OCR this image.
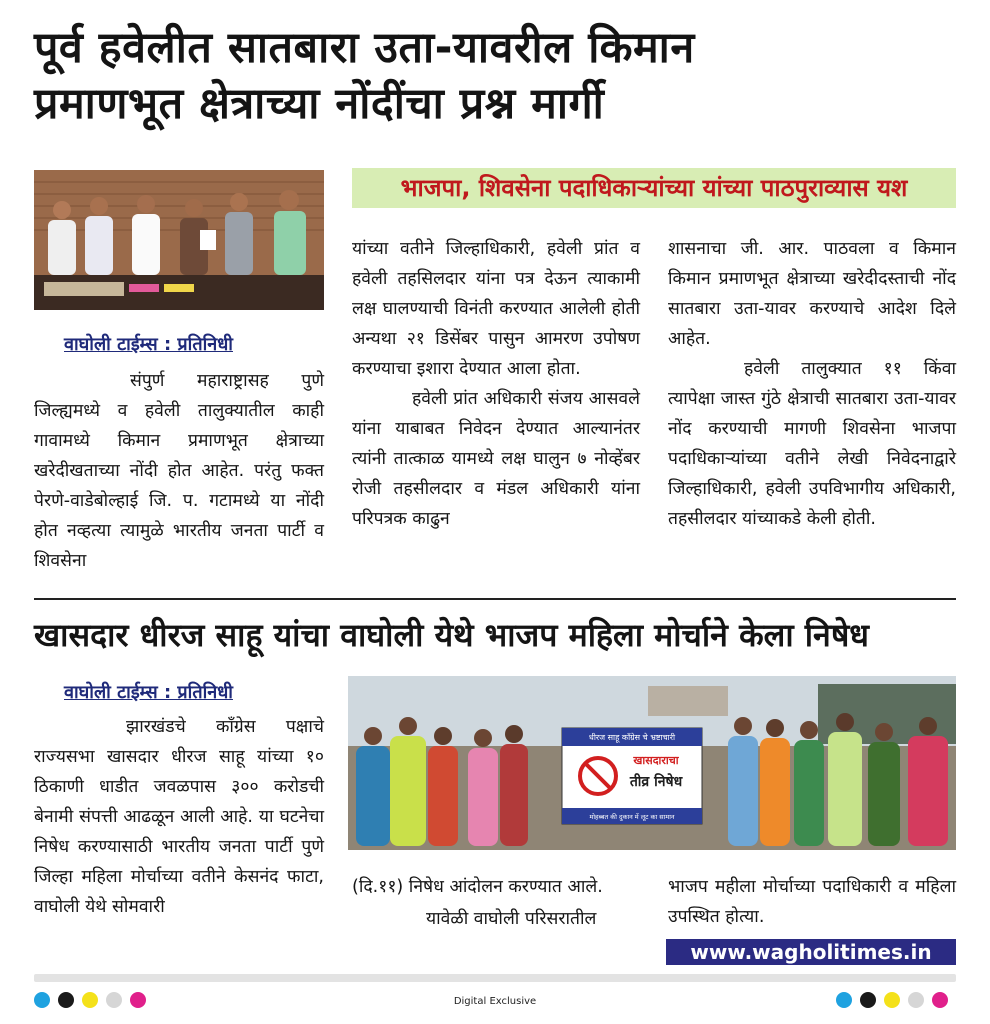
पूर्व हवेलीत सातबारा उता-यावरील किमान
प्रमाणभूत क्षेत्राच्या नोंदींचा प्रश्न मार्गी
भाजपा, शिवसेना पदाधिकाऱ्यांच्या यांच्या पाठपुराव्यास यश
वाघोली टाईम्स : प्रतिनिधी

संपुर्ण महाराष्ट्रासह पुणे जिल्ह्यमध्ये व हवेली तालुक्यातील काही गावामध्ये किमान प्रमाणभूत क्षेत्राच्या खरेदीखताच्या नोंदी होत आहेत. परंतु फक्त पेरणे-वाडेबोल्हाई जि. प. गटामध्ये या नोंदी होत नव्हत्या त्यामुळे भारतीय जनता पार्टी व शिवसेना

यांच्या वतीने जिल्हाधिकारी, हवेली प्रांत व हवेली तहसिलदार यांना पत्र देऊन त्याकामी लक्ष घालण्याची विनंती करण्यात आलेली होती अन्यथा २१ डिसेंबर पासुन आमरण उपोषण करण्याचा इशारा देण्यात आला होता.

हवेली प्रांत अधिकारी संजय आसवले यांना याबाबत निवेदन देण्यात आल्यानंतर त्यांनी तात्काळ यामध्ये लक्ष घालुन ७ नोव्हेंबर रोजी तहसीलदार व मंडल अधिकारी यांना परिपत्रक काढुन

शासनाचा जी. आर. पाठवला व किमान किमान प्रमाणभूत क्षेत्राच्या खरेदीदस्ताची नोंद सातबारा उता-यावर करण्याचे आदेश दिले आहेत.

हवेली तालुक्यात ११ किंवा त्यापेक्षा जास्त गुंठे क्षेत्राची सातबारा उता-यावर नोंद करण्याची मागणी शिवसेना भाजपा पदाधिकाऱ्यांच्या वतीने लेखी निवेदनाद्वारे जिल्हाधिकारी, हवेली उपविभागीय अधिकारी, तहसीलदार यांच्याकडे केली होती.

खासदार धीरज साहू यांचा वाघोली येथे भाजप महिला मोर्चाने केला निषेध
वाघोली टाईम्स : प्रतिनिधी

झारखंडचे कॉंग्रेस पक्षाचे राज्यसभा खासदार धीरज साहू यांच्या १० ठिकाणी धाडीत जवळपास ३०० करोडची बेनामी संपत्ती आढळून आली आहे. या घटनेचा निषेध करण्यासाठी भारतीय जनता पार्टी पुणे जिल्हा महिला मोर्चाच्या वतीने केसनंद फाटा, वाघोली येथे सोमवारी

धीरज साहू कॉंग्रेस चे भ्रष्टाचारी
खासदाराचा
तीव्र निषेध
मोहब्बत की दुकान में लूट का सामान

(दि.११) निषेध आंदोलन करण्यात आले.

यावेळी वाघोली परिसरातील

भाजप महीला मोर्चाच्या पदाधिकारी व महिला उपस्थित होत्या.

www.wagholitimes.in
Digital Exclusive
